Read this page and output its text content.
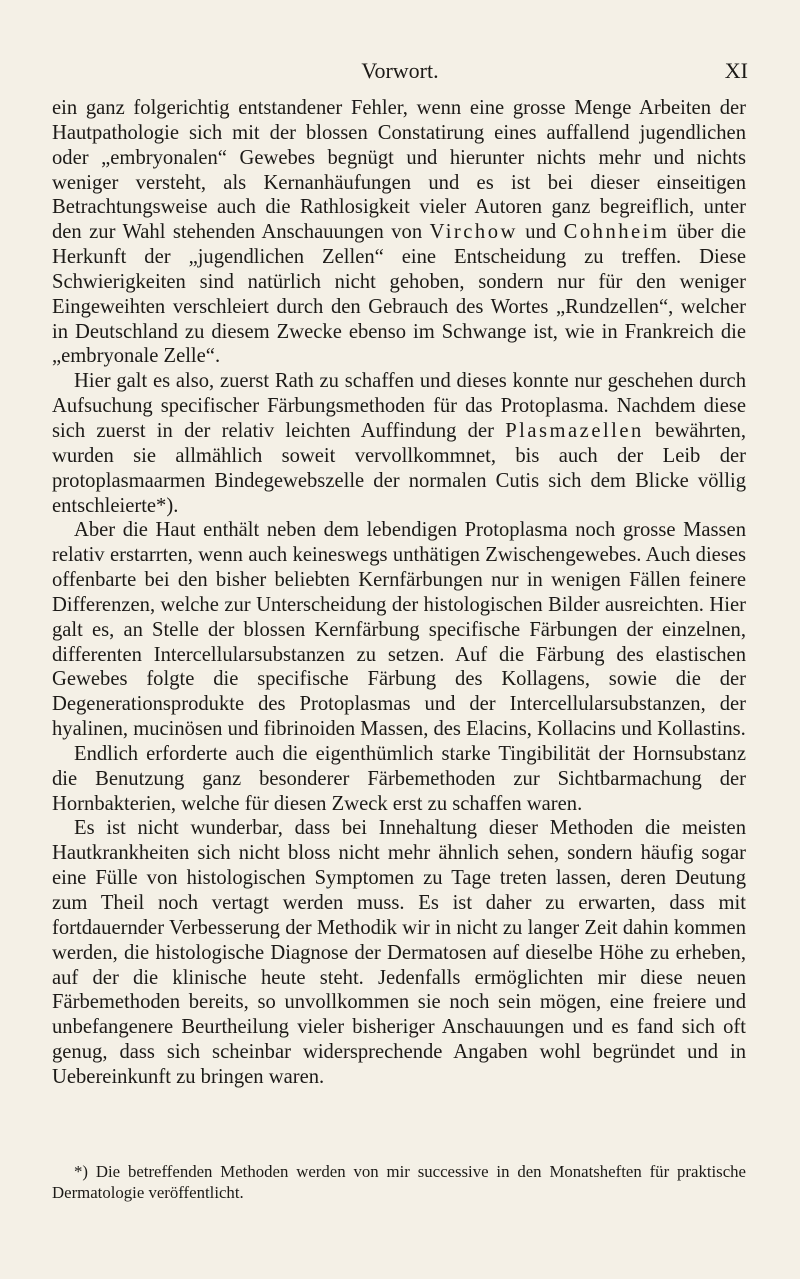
Vorwort.	XI

ein ganz folgerichtig entstandener Fehler, wenn eine grosse Menge Arbeiten der Hautpathologie sich mit der blossen Constatirung eines auffallend jugendlichen oder „embryonalen“ Gewebes begnügt und hierunter nichts mehr und nichts weniger versteht, als Kernanhäufungen und es ist bei dieser einseitigen Betrachtungsweise auch die Rathlosigkeit vieler Autoren ganz begreiflich, unter den zur Wahl stehenden Anschauungen von Virchow und Cohnheim über die Herkunft der „jugendlichen Zellen“ eine Entscheidung zu treffen. Diese Schwierigkeiten sind natürlich nicht gehoben, sondern nur für den weniger Eingeweihten verschleiert durch den Gebrauch des Wortes „Rundzellen“, welcher in Deutschland zu diesem Zwecke ebenso im Schwange ist, wie in Frankreich die „embryonale Zelle“.

Hier galt es also, zuerst Rath zu schaffen und dieses konnte nur geschehen durch Aufsuchung specifischer Färbungsmethoden für das Protoplasma. Nachdem diese sich zuerst in der relativ leichten Auffindung der Plasmazellen bewährten, wurden sie allmählich soweit vervollkommnet, bis auch der Leib der protoplasmaarmen Bindegewebszelle der normalen Cutis sich dem Blicke völlig entschleierte*).

Aber die Haut enthält neben dem lebendigen Protoplasma noch grosse Massen relativ erstarrten, wenn auch keineswegs unthätigen Zwischengewebes. Auch dieses offenbarte bei den bisher beliebten Kernfärbungen nur in wenigen Fällen feinere Differenzen, welche zur Unterscheidung der histologischen Bilder ausreichten. Hier galt es, an Stelle der blossen Kernfärbung specifische Färbungen der einzelnen, differenten Intercellularsubstanzen zu setzen. Auf die Färbung des elastischen Gewebes folgte die specifische Färbung des Kollagens, sowie die der Degenerationsprodukte des Protoplasmas und der Intercellularsubstanzen, der hyalinen, mucinösen und fibrinoiden Massen, des Elacins, Kollacins und Kollastins.

Endlich erforderte auch die eigenthümlich starke Tingibilität der Hornsubstanz die Benutzung ganz besonderer Färbemethoden zur Sichtbarmachung der Hornbakterien, welche für diesen Zweck erst zu schaffen waren.

Es ist nicht wunderbar, dass bei Innehaltung dieser Methoden die meisten Hautkrankheiten sich nicht bloss nicht mehr ähnlich sehen, sondern häufig sogar eine Fülle von histologischen Symptomen zu Tage treten lassen, deren Deutung zum Theil noch vertagt werden muss. Es ist daher zu erwarten, dass mit fortdauernder Verbesserung der Methodik wir in nicht zu langer Zeit dahin kommen werden, die histologische Diagnose der Dermatosen auf dieselbe Höhe zu erheben, auf der die klinische heute steht. Jedenfalls ermöglichten mir diese neuen Färbemethoden bereits, so unvollkommen sie noch sein mögen, eine freiere und unbefangenere Beurtheilung vieler bisheriger Anschauungen und es fand sich oft genug, dass sich scheinbar widersprechende Angaben wohl begründet und in Uebereinkunft zu bringen waren.

*) Die betreffenden Methoden werden von mir successive in den Monatsheften für praktische Dermatologie veröffentlicht.
